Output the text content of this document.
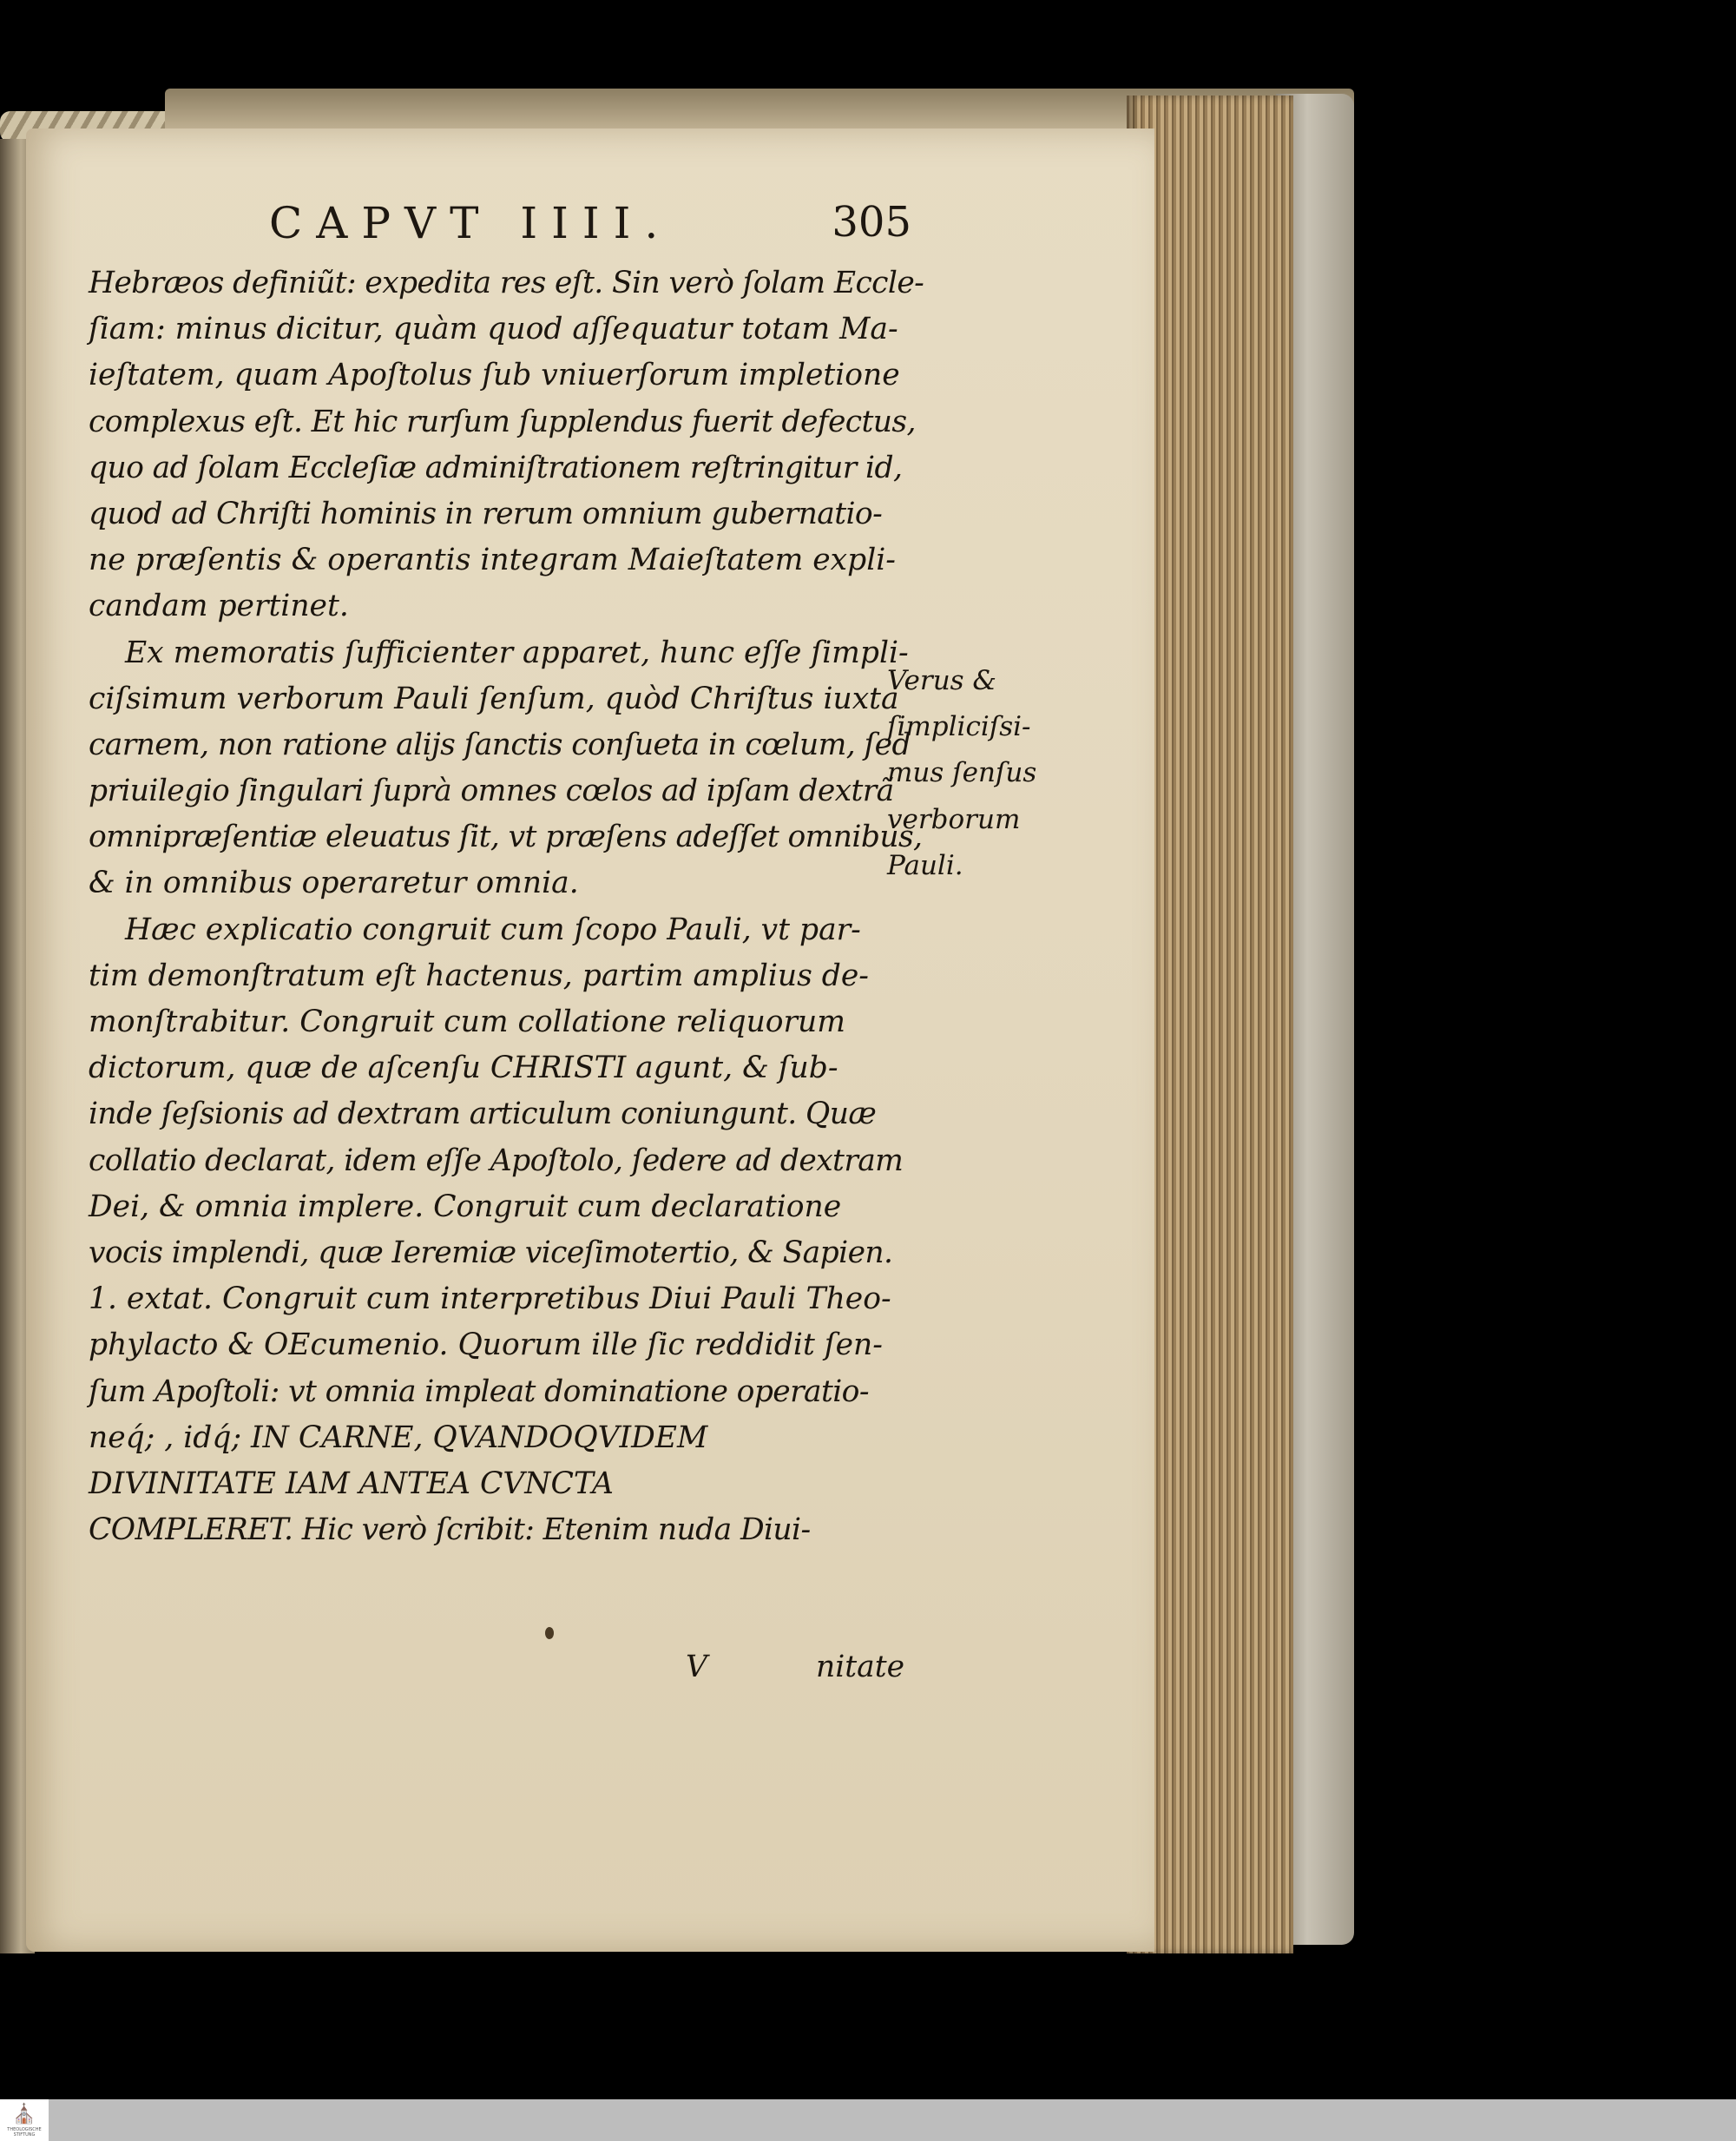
CAPVT IIII.	305
Hebræos definiũt: expedita res eſt. Sin verò ſolam Eccle-
ſiam: minus dicitur, quàm quod aſſequatur totam Ma-
ieſtatem, quam Apoſtolus ſub vniuerſorum impletione
complexus eſt. Et hic rurſum ſupplendus fuerit defectus,
quo ad ſolam Eccleſiæ adminiſtrationem reſtringitur id,
quod ad Chriſti hominis in rerum omnium gubernatio-
ne præſentis & operantis integram Maieſtatem expli-
candam pertinet.
Ex memoratis ſufficienter apparet, hunc eſſe ſimpli-
ciſsimum verborum Pauli ſenſum, quòd Chriſtus iuxta
carnem, non ratione alijs ſanctis conſueta in cœlum, ſed
priuilegio ſingulari ſuprà omnes cœlos ad ipſam dextrã
omnipræſentiæ eleuatus ſit, vt præſens adeſſet omnibus,
& in omnibus operaretur omnia.
Hæc explicatio congruit cum ſcopo Pauli, vt par-
tim demonſtratum eſt hactenus, partim amplius de-
monſtrabitur. Congruit cum collatione reliquorum
dictorum, quæ de aſcenſu CHRISTI agunt, & ſub-
inde ſeſsionis ad dextram articulum coniungunt. Quæ
collatio declarat, idem eſſe Apoſtolo, ſedere ad dextram
Dei, & omnia implere. Congruit cum declaratione
vocis implendi, quæ Ieremiæ viceſimotertio, & Sapien.
1. extat. Congruit cum interpretibus Diui Pauli Theo-
phylacto & OEcumenio. Quorum ille ſic reddidit ſen-
ſum Apoſtoli: vt omnia impleat dominatione operatio-
neq́; , idq́; IN CARNE, QVANDOQVIDEM
DIVINITATE IAM ANTEA CVNCTA
COMPLERET. Hic verò ſcribit: Etenim nuda Diui-
Verus &
ſimpliciſsi-
mus ſenſus
verborum
Pauli.
V	nitate
⛪
THEOLOGISCHE STIFTUNG
